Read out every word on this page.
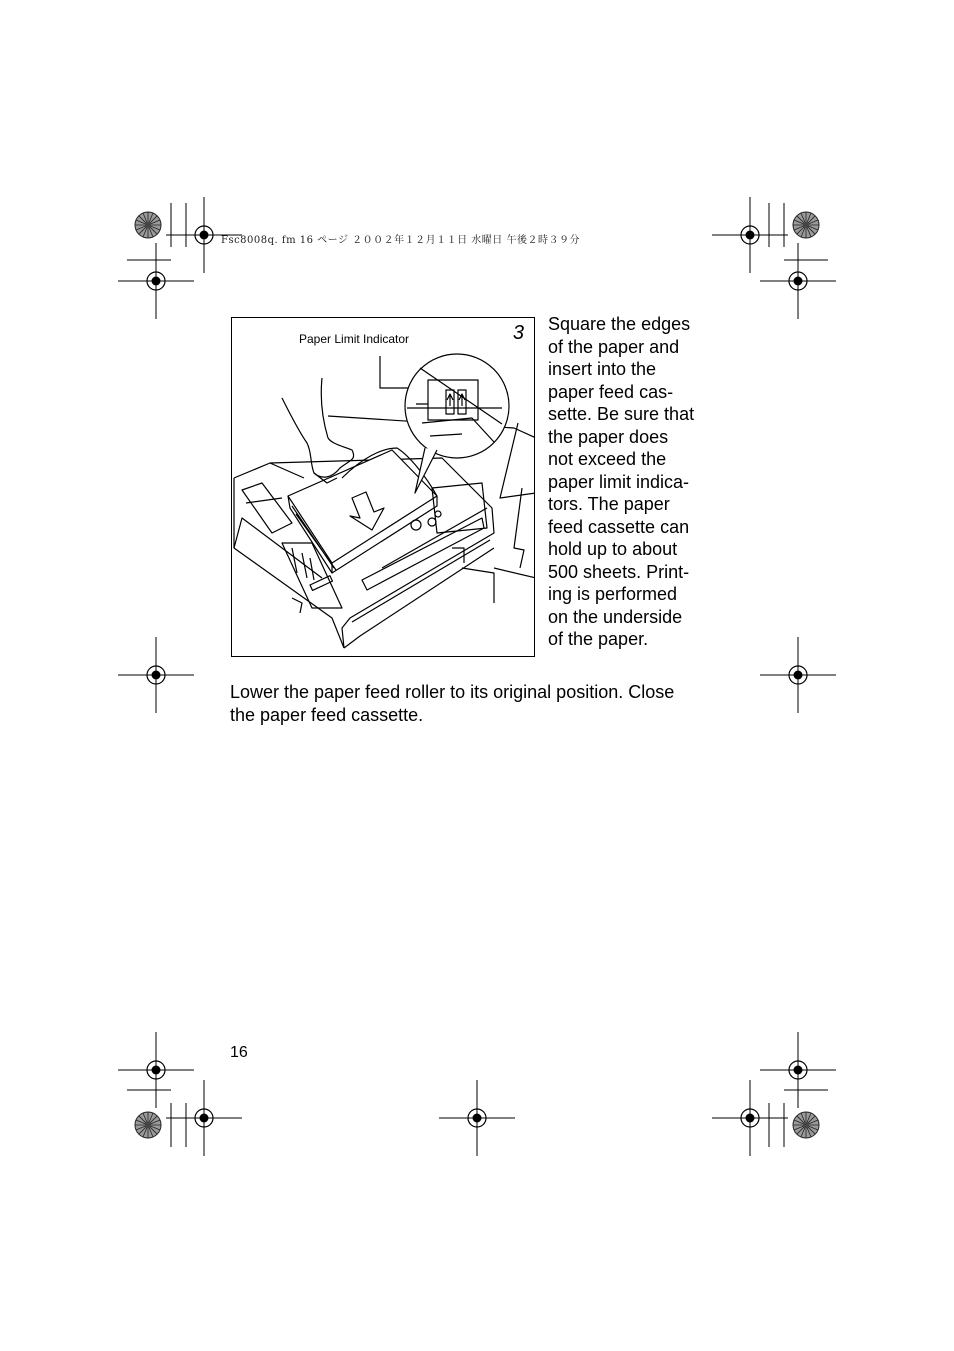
Fsc8008q. fm 16 ページ ２００２年１２月１１日 水曜日 午後２時３９分
Paper Limit Indicator	3 Square the edges
of the paper and
insert into the
paper feed cas-
sette. Be sure that
the paper does
not exceed the
paper limit indica-
tors. The paper
feed cassette can
hold up to about
500 sheets. Print-
ing is performed
on the underside
of the paper.
Lower the paper feed roller to its original position. Close
the paper feed cassette.
16
